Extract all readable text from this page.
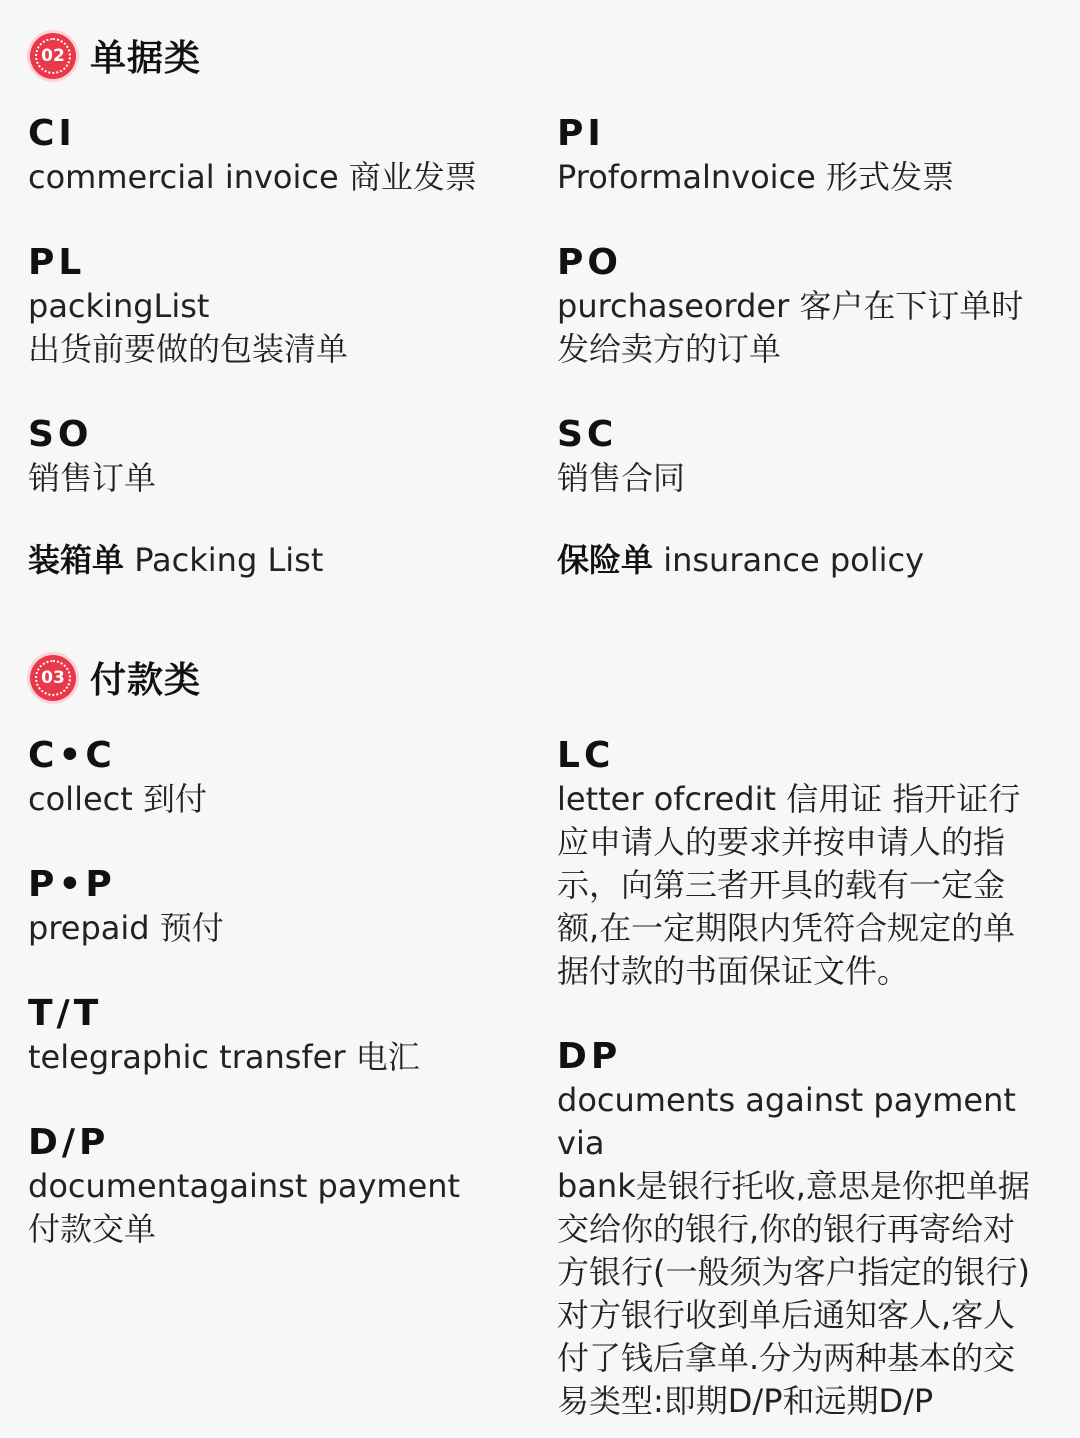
02 单据类
CI
commercial invoice 商业发票
PI
Proformalnvoice 形式发票
PL
packingList
出货前要做的包装清单
PO
purchaseorder 客户在下订单时
发给卖方的订单
SO
销售订单
SC
销售合同
装箱单 Packing List	保险单 insurance policy
03 付款类
C•C
collect 到付
LC
letter ofcredit 信用证 指开证行
应申请人的要求并按申请人的指
示，向第三者开具的载有一定金
额,在一定期限内凭符合规定的单
据付款的书面保证文件。
P•P
prepaid 预付
T/T
telegraphic transfer 电汇	DP
documents against payment via
bank是银行托收,意思是你把单据
交给你的银行,你的银行再寄给对
方银行(一般须为客户指定的银行)
对方银行收到单后通知客人,客人
付了钱后拿单.分为两种基本的交
易类型:即期D/P和远期D/P
D/P
documentagainst payment
付款交单
